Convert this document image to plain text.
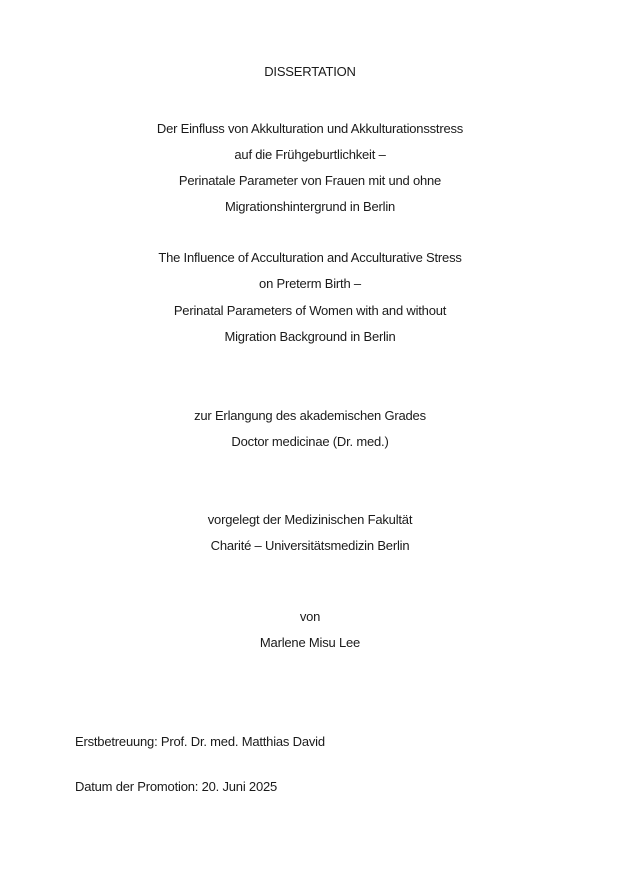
DISSERTATION
Der Einfluss von Akkulturation und Akkulturationsstress
auf die Frühgeburtlichkeit –
Perinatale Parameter von Frauen mit und ohne
Migrationshintergrund in Berlin
The Influence of Acculturation and Acculturative Stress
on Preterm Birth –
Perinatal Parameters of Women with and without
Migration Background in Berlin
zur Erlangung des akademischen Grades
Doctor medicinae (Dr. med.)
vorgelegt der Medizinischen Fakultät
Charité – Universitätsmedizin Berlin
von
Marlene Misu Lee
Erstbetreuung: Prof. Dr. med. Matthias David
Datum der Promotion: 20. Juni 2025
